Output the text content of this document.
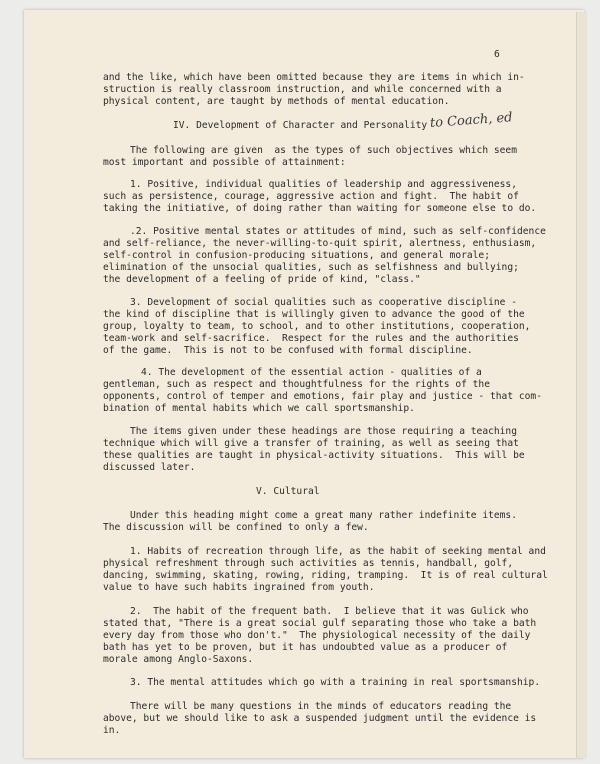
6
and the like, which have been omitted because they are items in which in-
struction is really classroom instruction, and while concerned with a
physical content, are taught by methods of mental education.
IV. Development of Character and Personality to Coach, ed
The following are given  as the types of such objectives which seem
most important and possible of attainment:
1. Positive, individual qualities of leadership and aggressiveness,
such as persistence, courage, aggressive action and fight.  The habit of
taking the initiative, of doing rather than waiting for someone else to do.
.2. Positive mental states or attitudes of mind, such as self-confidence
and self-reliance, the never-willing-to-quit spirit, alertness, enthusiasm,
self-control in confusion-producing situations, and general morale;
elimination of the unsocial qualities, such as selfishness and bullying;
the development of a feeling of pride of kind, "class."
3. Development of social qualities such as cooperative discipline -
the kind of discipline that is willingly given to advance the good of the
group, loyalty to team, to school, and to other institutions, cooperation,
team-work and self-sacrifice.  Respect for the rules and the authorities
of the game.  This is not to be confused with formal discipline.
4. The development of the essential action - qualities of a
gentleman, such as respect and thoughtfulness for the rights of the
opponents, control of temper and emotions, fair play and justice - that com-
bination of mental habits which we call sportsmanship.
The items given under these headings are those requiring a teaching
technique which will give a transfer of training, as well as seeing that
these qualities are taught in physical-activity situations.  This will be
discussed later.
V. Cultural
Under this heading might come a great many rather indefinite items.
The discussion will be confined to only a few.
1. Habits of recreation through life, as the habit of seeking mental and
physical refreshment through such activities as tennis, handball, golf,
dancing, swimming, skating, rowing, riding, tramping.  It is of real cultural
value to have such habits ingrained from youth.
2.  The habit of the frequent bath.  I believe that it was Gulick who
stated that, "There is a great social gulf separating those who take a bath
every day from those who don't."  The physiological necessity of the daily
bath has yet to be proven, but it has undoubted value as a producer of
morale among Anglo-Saxons.
3. The mental attitudes which go with a training in real sportsmanship.
There will be many questions in the minds of educators reading the
above, but we should like to ask a suspended judgment until the evidence is
in.
